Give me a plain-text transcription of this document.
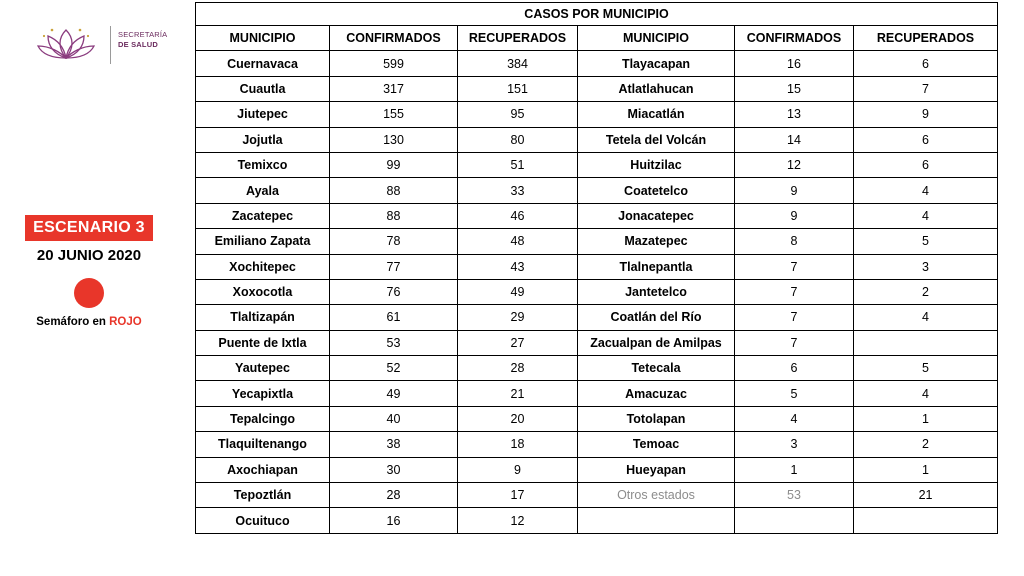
SECRETARÍA
DE SALUD
ESCENARIO 3
20 JUNIO 2020
Semáforo en ROJO
CASOS POR MUNICIPIO					
MUNICIPIO	CONFIRMADOS	RECUPERADOS	MUNICIPIO	CONFIRMADOS	RECUPERADOS
Cuernavaca	599	384	Tlayacapan	16	6
Cuautla	317	151	Atlatlahucan	15	7
Jiutepec	155	95	Miacatlán	13	9
Jojutla	130	80	Tetela del Volcán	14	6
Temixco	99	51	Huitzilac	12	6
Ayala	88	33	Coatetelco	9	4
Zacatepec	88	46	Jonacatepec	9	4
Emiliano Zapata	78	48	Mazatepec	8	5
Xochitepec	77	43	Tlalnepantla	7	3
Xoxocotla	76	49	Jantetelco	7	2
Tlaltizapán	61	29	Coatlán del Río	7	4
Puente de Ixtla	53	27	Zacualpan de Amilpas	7	
Yautepec	52	28	Tetecala	6	5
Yecapixtla	49	21	Amacuzac	5	4
Tepalcingo	40	20	Totolapan	4	1
Tlaquiltenango	38	18	Temoac	3	2
Axochiapan	30	9	Hueyapan	1	1
Tepoztlán	28	17	Otros estados	53	21
Ocuituco	16	12			
